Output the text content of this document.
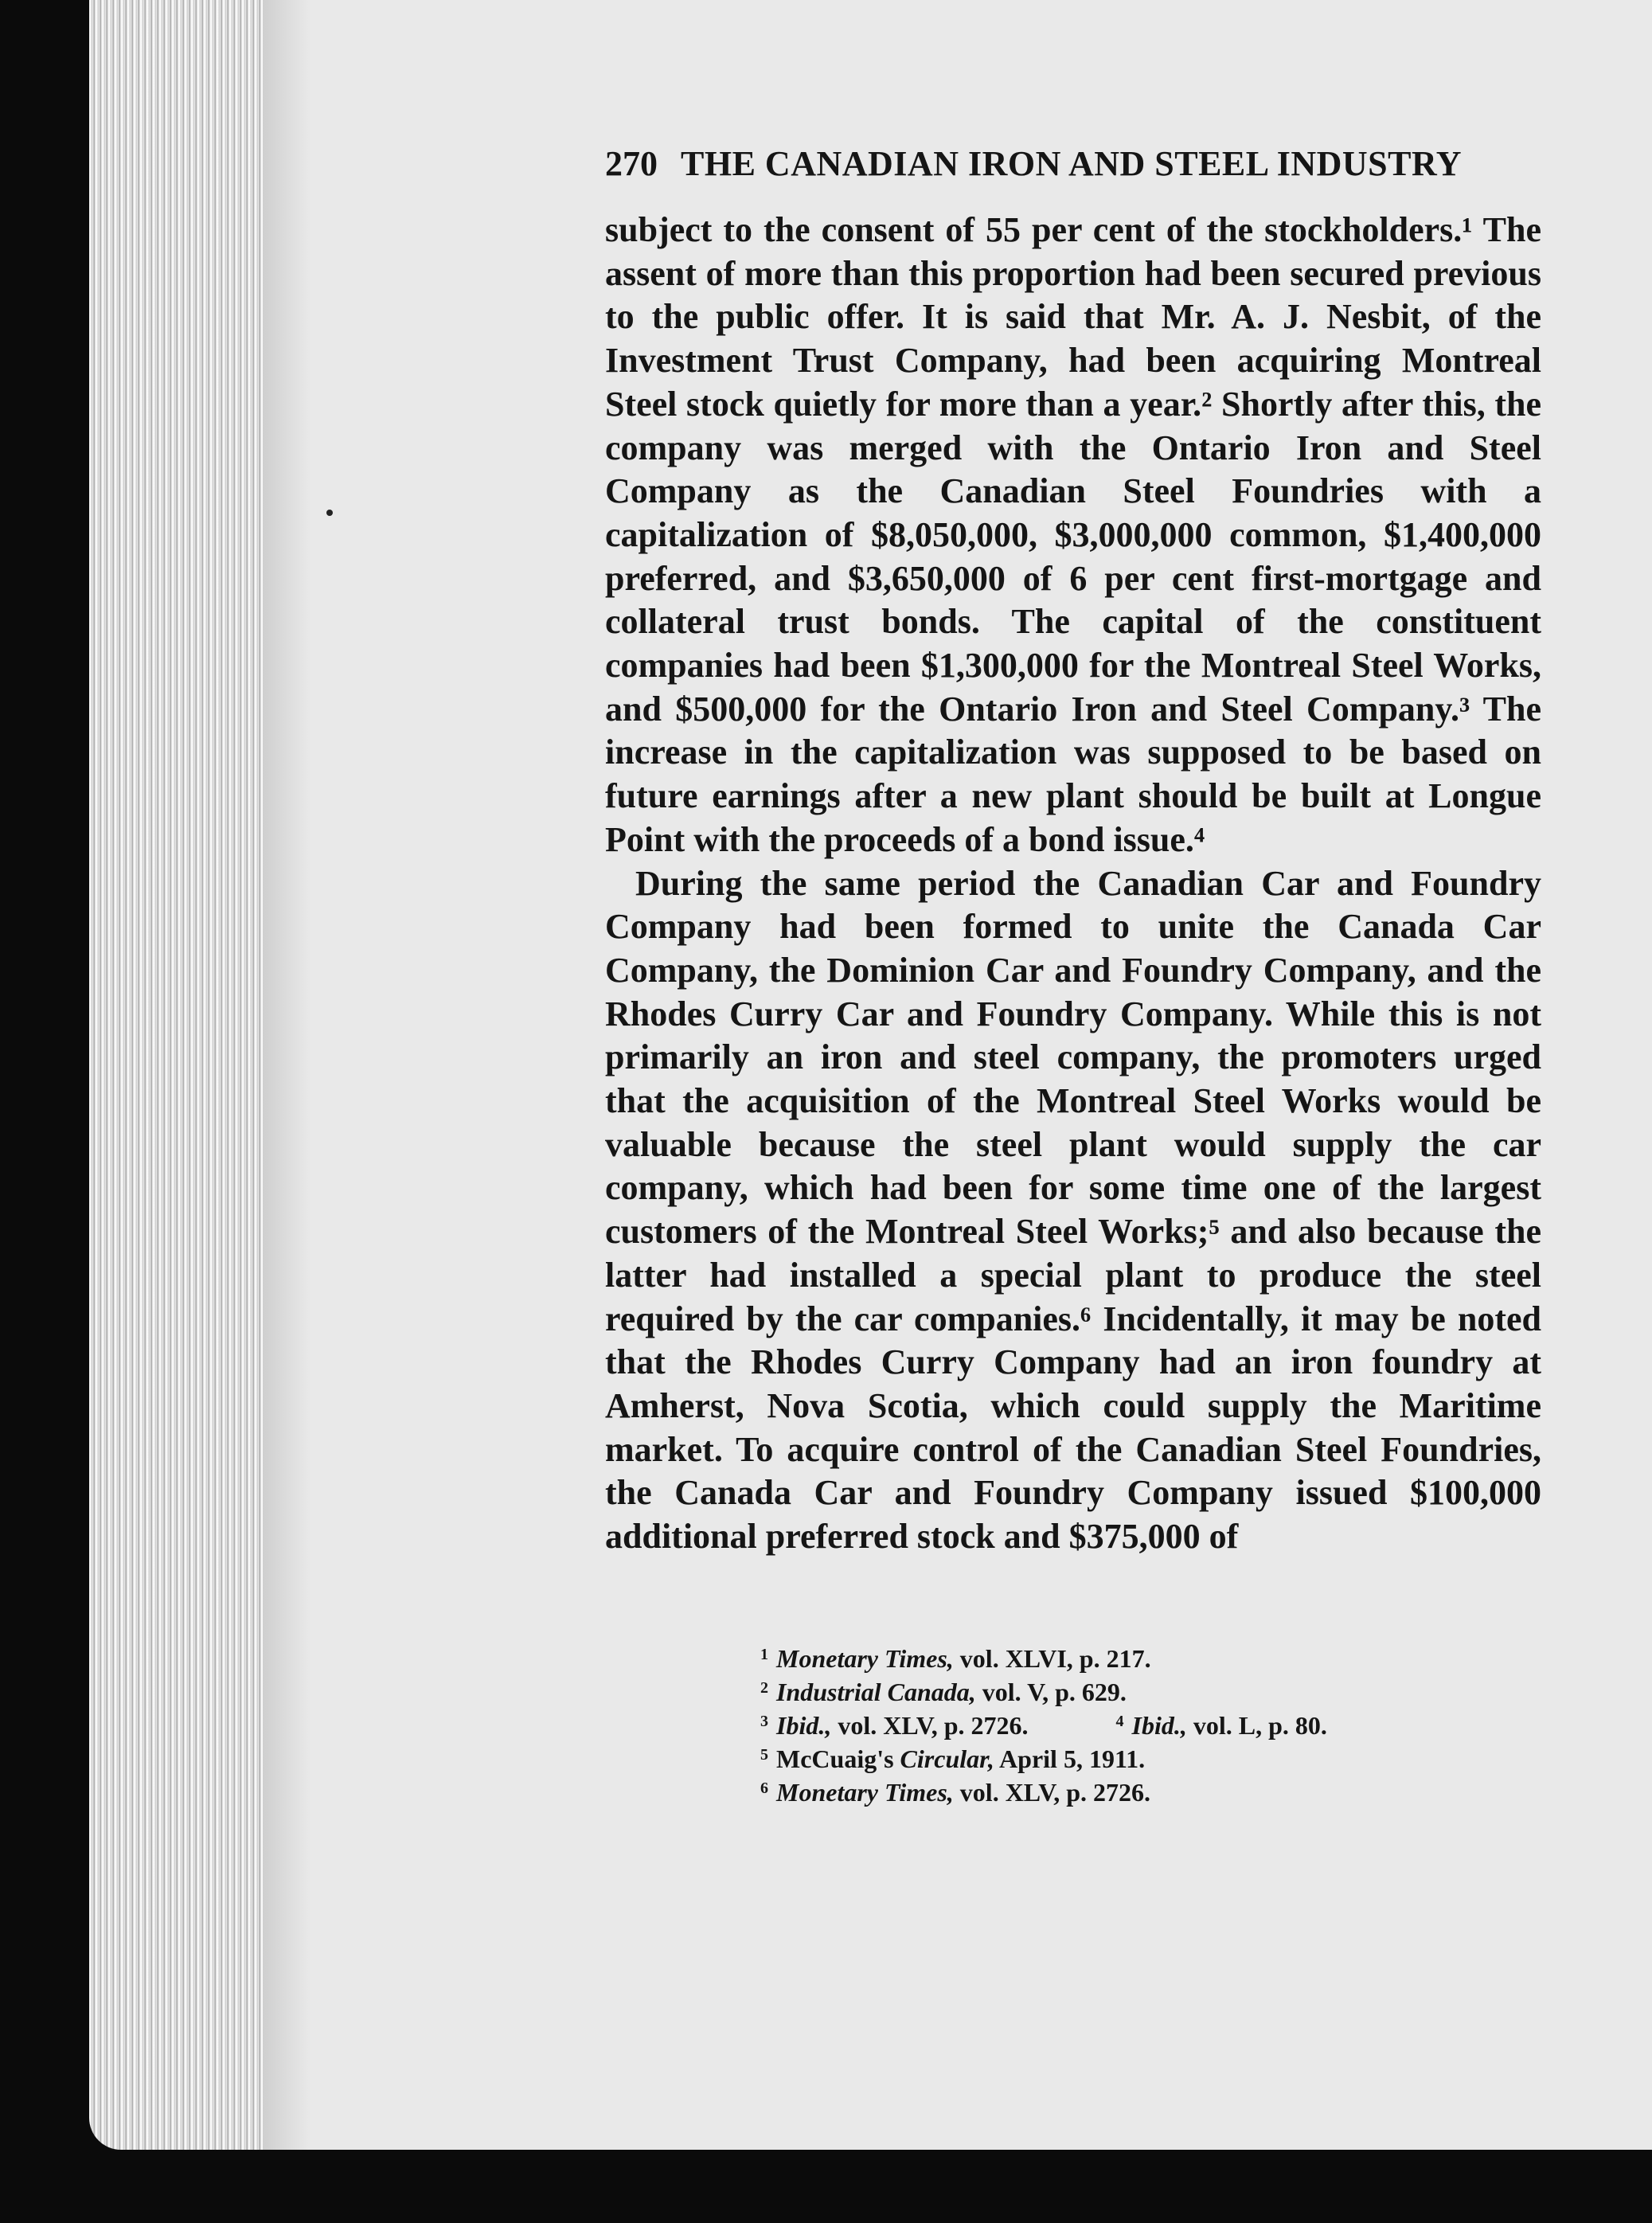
270 THE CANADIAN IRON AND STEEL INDUSTRY

subject to the consent of 55 per cent of the stockholders.¹ The assent of more than this proportion had been secured previous to the public offer. It is said that Mr. A. J. Nesbit, of the Investment Trust Company, had been acquiring Montreal Steel stock quietly for more than a year.² Shortly after this, the company was merged with the Ontario Iron and Steel Company as the Canadian Steel Foundries with a capitalization of $8,050,000, $3,000,000 common, $1,400,000 preferred, and $3,650,000 of 6 per cent first-mortgage and collateral trust bonds. The capital of the constituent companies had been $1,300,000 for the Montreal Steel Works, and $500,000 for the Ontario Iron and Steel Company.³ The increase in the capitalization was supposed to be based on future earnings after a new plant should be built at Longue Point with the proceeds of a bond issue.⁴

During the same period the Canadian Car and Foundry Company had been formed to unite the Canada Car Company, the Dominion Car and Foundry Company, and the Rhodes Curry Car and Foundry Company. While this is not primarily an iron and steel company, the promoters urged that the acquisition of the Montreal Steel Works would be valuable because the steel plant would supply the car company, which had been for some time one of the largest customers of the Montreal Steel Works;⁵ and also because the latter had installed a special plant to produce the steel required by the car companies.⁶ Incidentally, it may be noted that the Rhodes Curry Company had an iron foundry at Amherst, Nova Scotia, which could supply the Maritime market. To acquire control of the Canadian Steel Foundries, the Canada Car and Foundry Company issued $100,000 additional preferred stock and $375,000 of

$^1$ Monetary Times, vol. XLVI, p. 217.
$^2$ Industrial Canada, vol. V, p. 629.
$^3$ Ibid., vol. XLV, p. 2726.	$^4$ Ibid., vol. L, p. 80.
$^5$ McCuaig's Circular, April 5, 1911.
$^6$ Monetary Times, vol. XLV, p. 2726.
